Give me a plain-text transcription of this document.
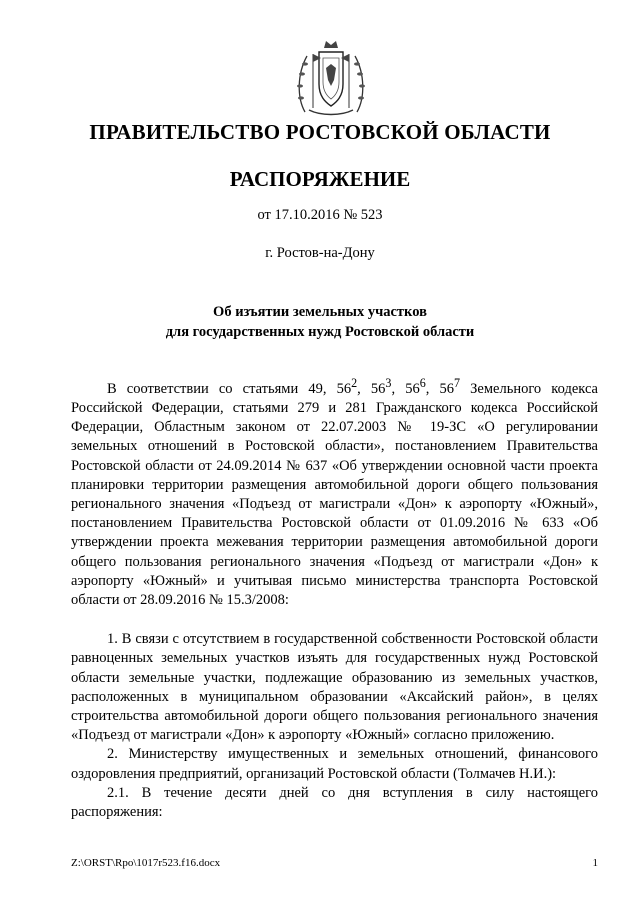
ПРАВИТЕЛЬСТВО РОСТОВСКОЙ ОБЛАСТИ
РАСПОРЯЖЕНИЕ
от 17.10.2016 № 523
г. Ростов-на-Дону
Об изъятии земельных участков
для государственных нужд Ростовской области

В соответствии со статьями 49, $56^2$, $56^3$, $56^6$, $56^7$ Земельного кодекса Российской Федерации, статьями 279 и 281 Гражданского кодекса Российской Федерации, Областным законом от 22.07.2003 № 19-ЗС «О регулировании земельных отношений в Ростовской области», постановлением Правительства Ростовской области от 24.09.2014 № 637 «Об утверждении основной части проекта планировки территории размещения автомобильной дороги общего пользования регионального значения «Подъезд от магистрали «Дон» к аэропорту «Южный», постановлением Правительства Ростовской области от 01.09.2016 № 633 «Об утверждении проекта межевания территории размещения автомобильной дороги общего пользования регионального значения «Подъезд от магистрали «Дон» к аэропорту «Южный» и учитывая письмо министерства транспорта Ростовской области от 28.09.2016 № 15.3/2008:

1. В связи с отсутствием в государственной собственности Ростовской области равноценных земельных участков изъять для государственных нужд Ростовской области земельные участки, подлежащие образованию из земельных участков, расположенных в муниципальном образовании «Аксайский район», в целях строительства автомобильной дороги общего пользования регионального значения «Подъезд от магистрали «Дон» к аэропорту «Южный» согласно приложению.

2. Министерству имущественных и земельных отношений, финансового оздоровления предприятий, организаций Ростовской области (Толмачев Н.И.):

2.1. В течение десяти дней со дня вступления в силу настоящего распоряжения:

Z:\ORST\Rpo\1017r523.f16.docx	1
